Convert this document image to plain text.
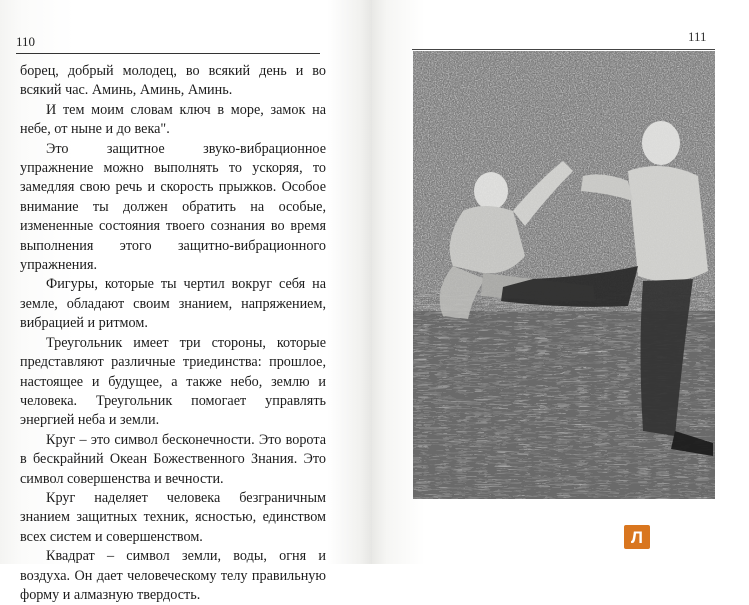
110

борец, добрый молодец, во всякий день и во всякий час. Аминь, Аминь, Аминь.

И тем моим словам ключ в море, замок на небе, от ныне и до века".

Это защитное звуко-вибрационное упражнение можно выполнять то ускоряя, то замедляя свою речь и скорость прыжков. Особое внимание ты должен обратить на особые, измененные состояния твоего сознания во время выполнения этого защитно-вибрационного упражнения.

Фигуры, которые ты чертил вокруг себя на земле, обладают своим знанием, напряжением, вибрацией и ритмом.

Треугольник имеет три стороны, которые представляют различные триединства: прошлое, настоящее и будущее, а также небо, землю и человека. Треугольник помогает управлять энергией неба и земли.

Круг – это символ бесконечности. Это ворота в бескрайний Океан Божественного Знания. Это символ совершенства и вечности.

Круг наделяет человека безграничным знанием защитных техник, ясностью, единством всех систем и совершенством.

Квадрат – символ земли, воды, огня и воздуха. Он дает человеческому телу правильную форму и алмазную твердость.

111
Л
